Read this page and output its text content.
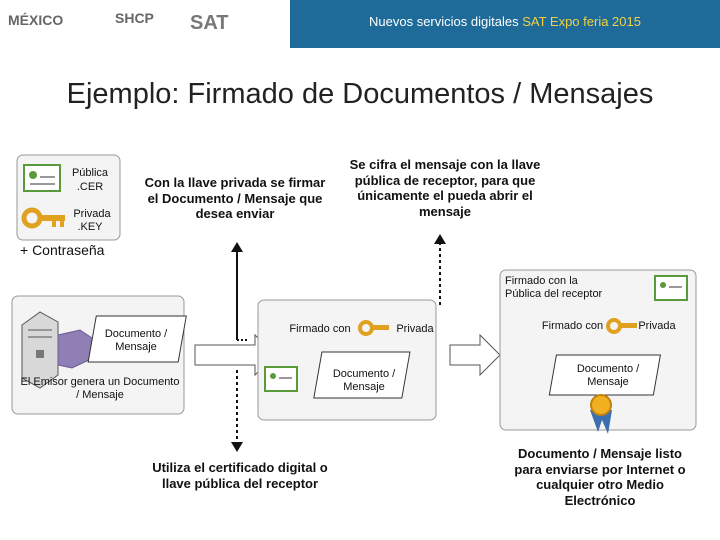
MÉXICO	SHCP SAT	Nuevos servicios digitales SAT Expo feria 2015
Ejemplo: Firmado de Documentos / Mensajes
Pública
.CER
Privada
.KEY
+ Contraseña
Con la llave privada se firmar el Documento / Mensaje que desea enviar
Se cifra el mensaje con la llave pública de receptor, para que únicamente el pueda abrir el mensaje
Utiliza el certificado digital o llave pública del receptor
Documento / Mensaje listo para enviarse por Internet o cualquier otro Medio Electrónico
Documento / Mensaje
El Emisor genera un Documento / Mensaje
Firmado con	Privada
Documento / Mensaje
Firmado con la Pública del receptor
Firmado con	Privada
Documento / Mensaje
